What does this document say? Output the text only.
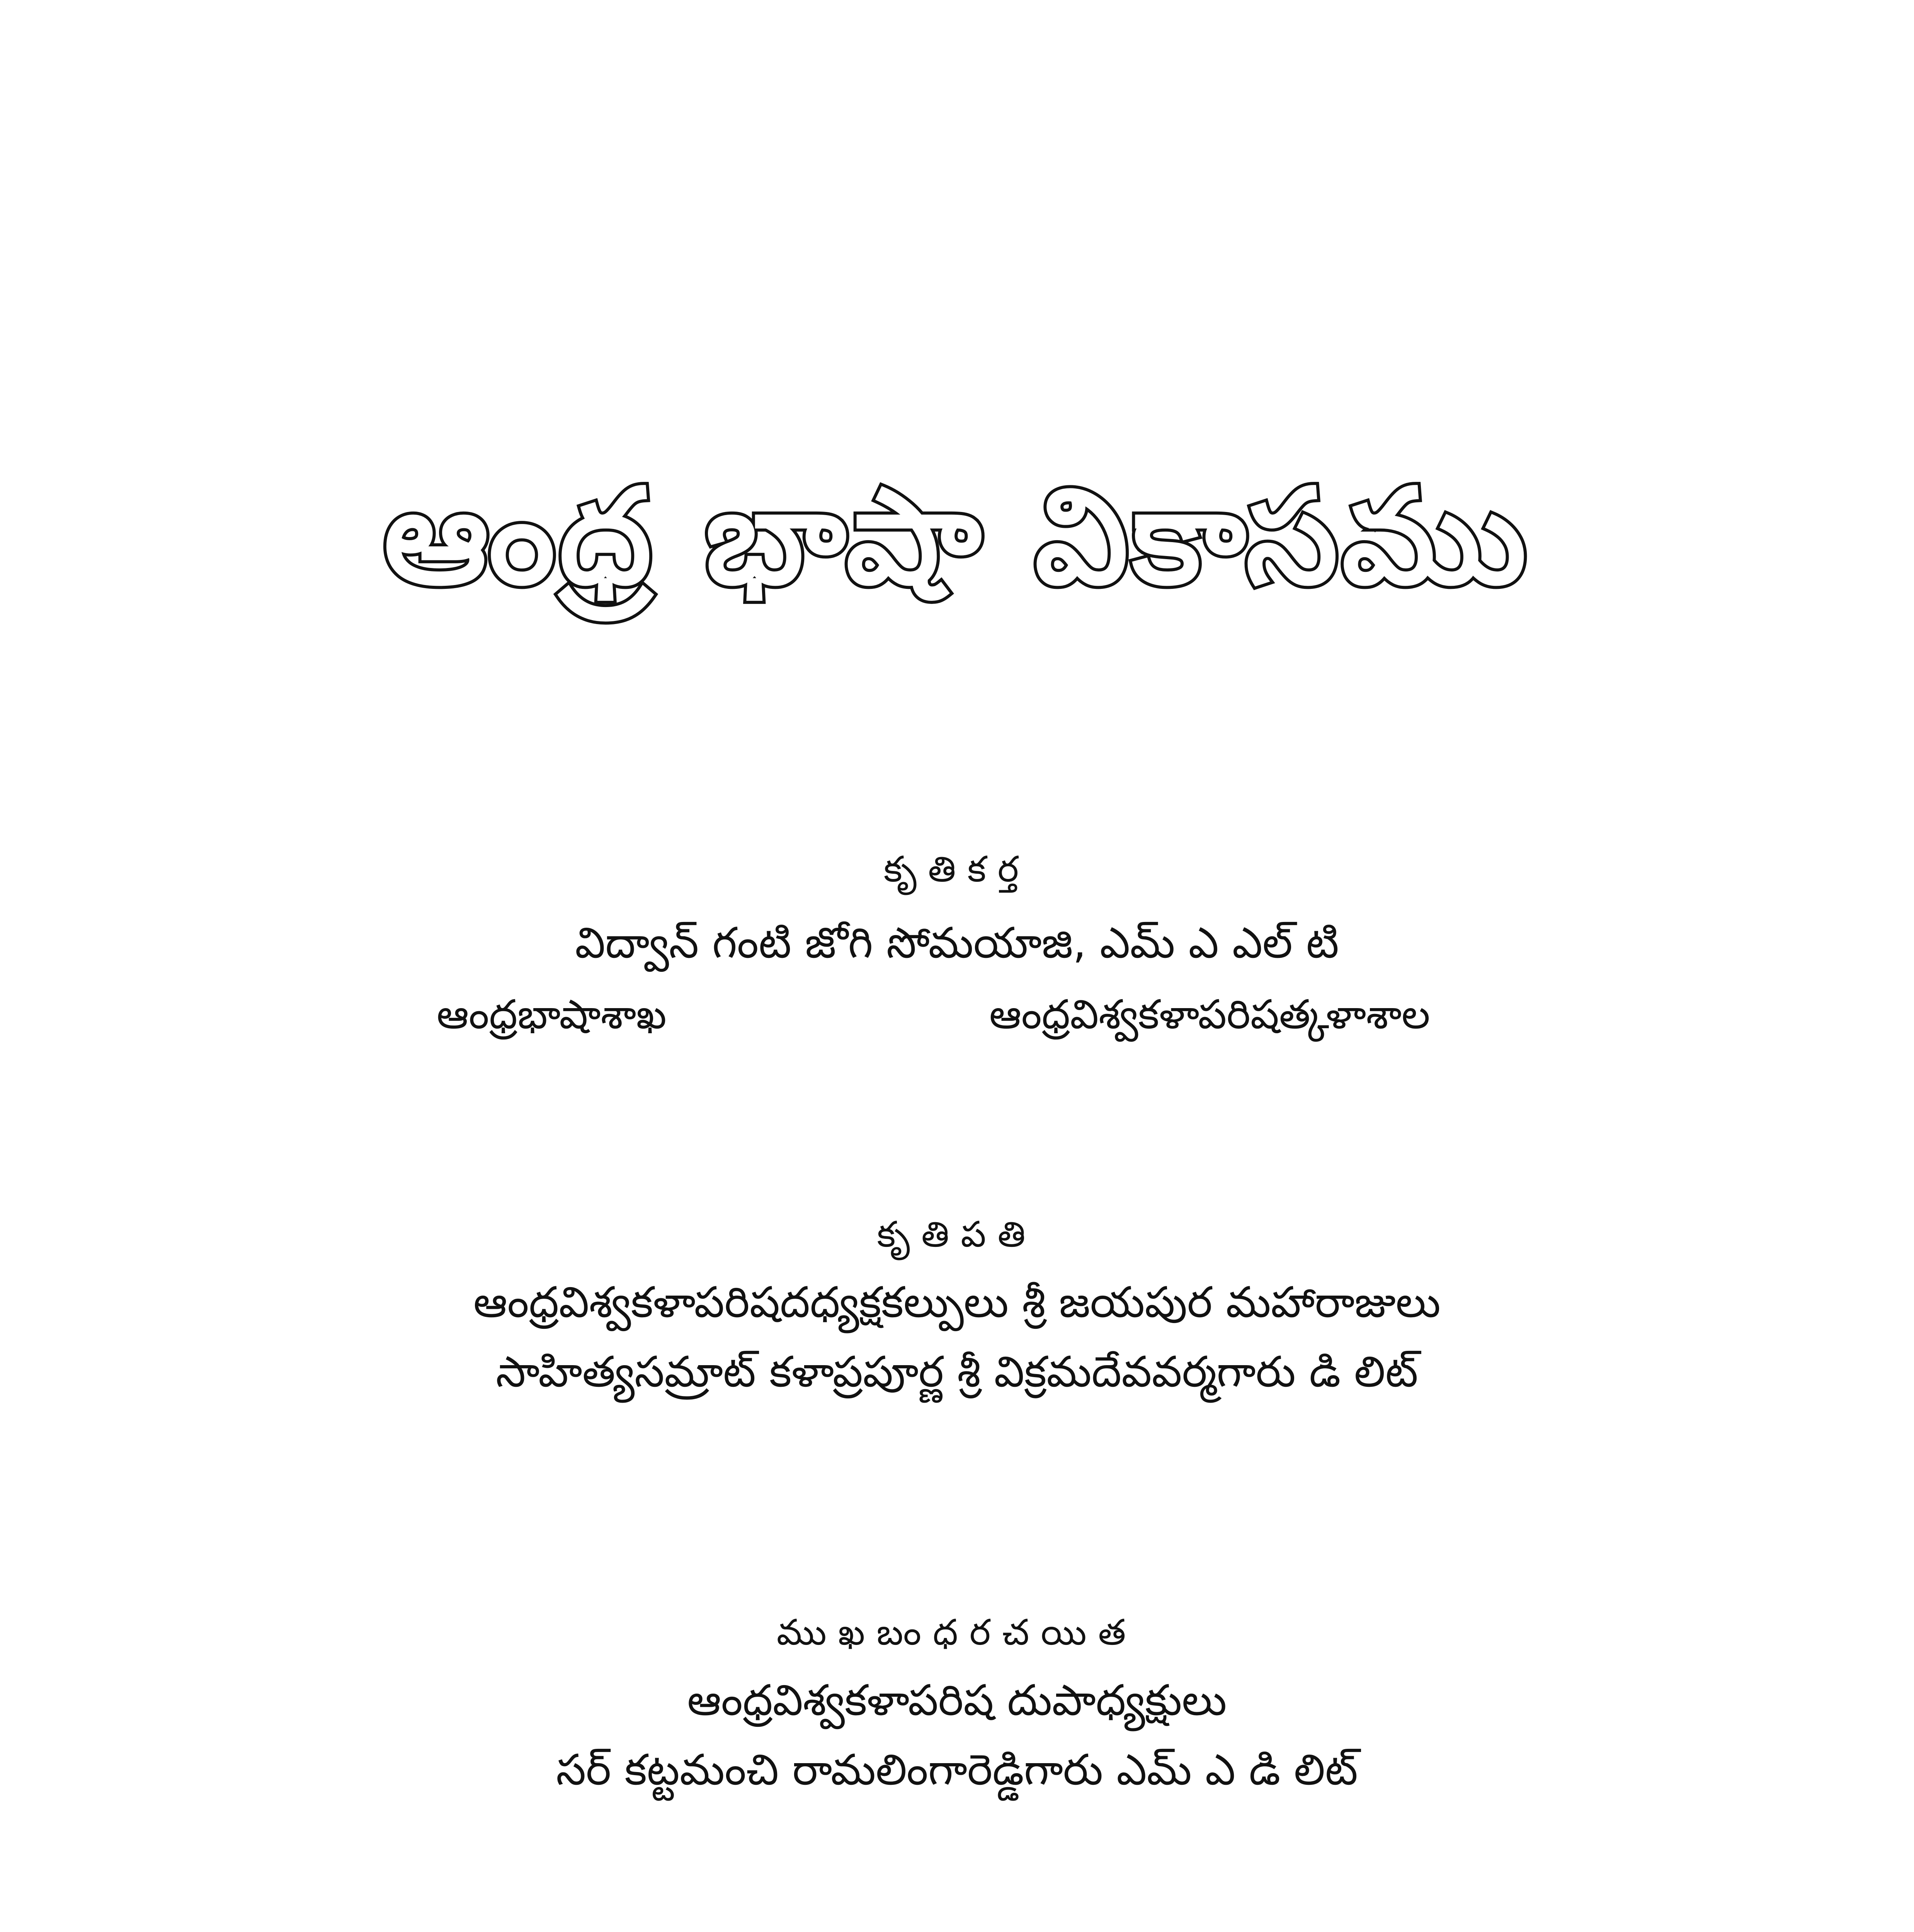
ఆంధ్ర భాషా వికాసము
కృతికర్త
విద్వాన్ గంటి జోగి సోమయాజి, ఎమ్ ఎ ఎల్ టి
ఆంధ్రభాషాశాఖ	ఆంధ్రవిశ్వకళాపరిషత్కళాశాల
కృతిపతి
ఆంధ్రవిశ్వకళాపరిషదధ్యక్షకల్పులు శ్రీ జయపుర మహారాజులు
సాహిత్యసమ్రాట్ కళాప్రపూర్ణ శ్రీ విక్రమదేవవర్మగారు డి లిట్
ముఖబంధరచయిత
ఆంధ్రవిశ్వకళాపరిష దుపాధ్యక్షులు
సర్ కట్టమంచి రామలింగారెడ్డిగారు ఎమ్ ఎ డి లిట్
